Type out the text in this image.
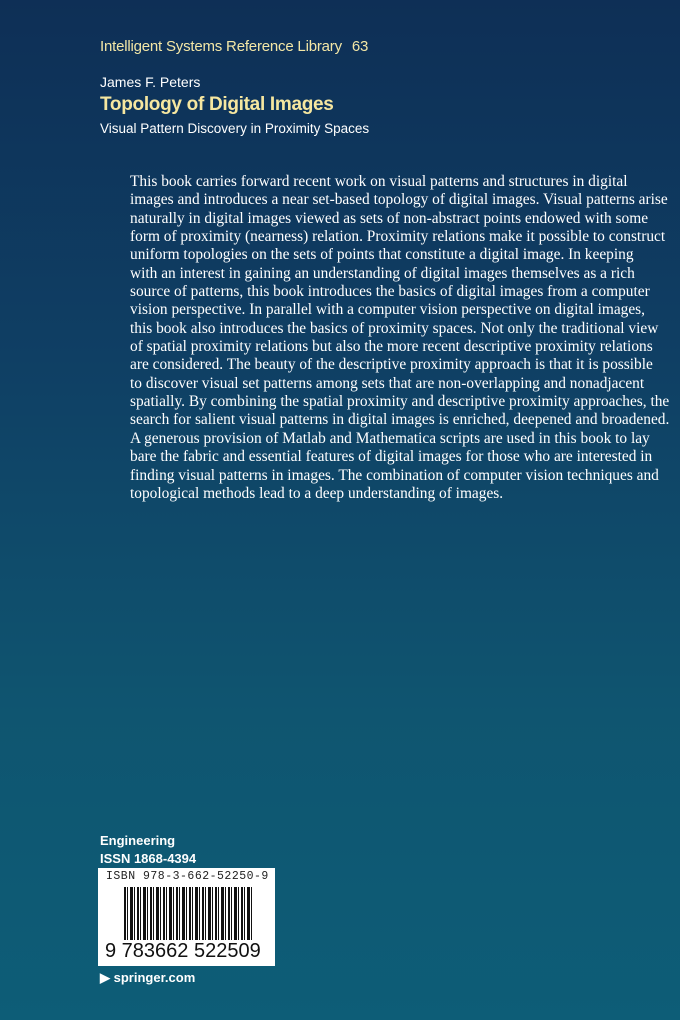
Intelligent Systems Reference Library 63
James F. Peters
Topology of Digital Images
Visual Pattern Discovery in Proximity Spaces
This book carries forward recent work on visual patterns and structures in digital
images and introduces a near set-based topology of digital images. Visual patterns arise
naturally in digital images viewed as sets of non-abstract points endowed with some
form of proximity (nearness) relation. Proximity relations make it possible to construct
uniform topologies on the sets of points that constitute a digital image. In keeping
with an interest in gaining an understanding of digital images themselves as a rich
source of patterns, this book introduces the basics of digital images from a computer
vision perspective. In parallel with a computer vision perspective on digital images,
this book also introduces the basics of proximity spaces. Not only the traditional view
of spatial proximity relations but also the more recent descriptive proximity relations
are considered. The beauty of the descriptive proximity approach is that it is possible
to discover visual set patterns among sets that are non-overlapping and nonadjacent
spatially. By combining the spatial proximity and descriptive proximity approaches, the
search for salient visual patterns in digital images is enriched, deepened and broadened.
A generous provision of Matlab and Mathematica scripts are used in this book to lay
bare the fabric and essential features of digital images for those who are interested in
finding visual patterns in images. The combination of computer vision techniques and
topological methods lead to a deep understanding of images.
Engineering
ISSN 1868-4394
ISBN 978-3-662-52250-9
9 783662 522509
▶ springer.com
